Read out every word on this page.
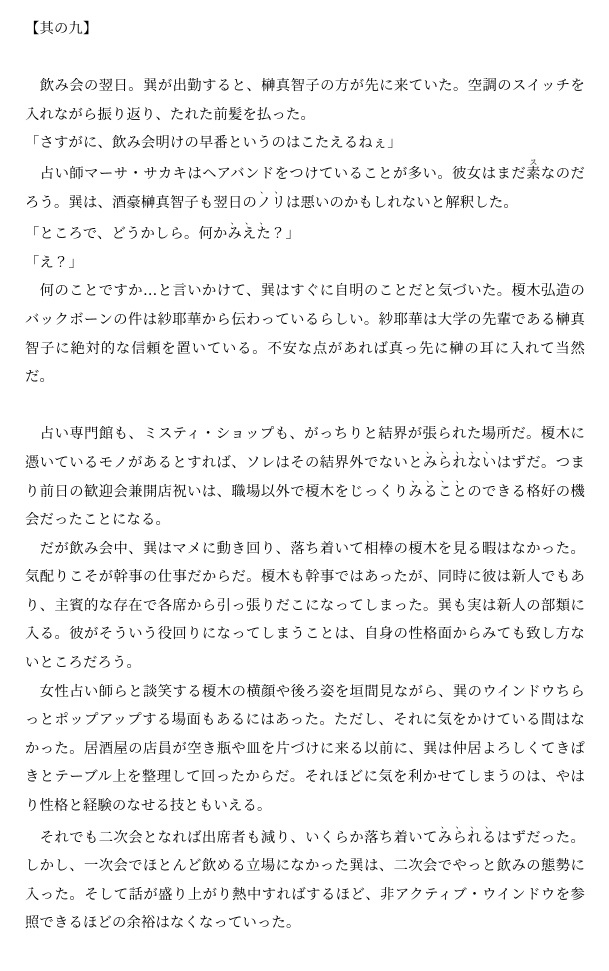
【其の九】

　飲み会の翌日。巽が出勤すると、榊真智子の方が先に来ていた。空調のスイッチを入れながら振り返り、たれた前髪を払った。

「さすがに、飲み会明けの早番というのはこたえるねぇ」

　占い師マーサ・サカキはヘアバンドをつけていることが多い。彼女はまだ素スなのだろう。巽は、酒豪榊真智子も翌日のノ、リ、は悪いのかもしれないと解釈した。

「ところで、どうかしら。何かみ、え、た、？」

「え？」

　何のことですか…と言いかけて、巽はすぐに自明のことだと気づいた。榎木弘造のバックボーンの件は紗耶華から伝わっているらしい。紗耶華は大学の先輩である榊真智子に絶対的な信頼を置いている。不安な点があれば真っ先に榊の耳に入れて当然だ。

　占い専門館も、ミスティ・ショップも、がっちりと結界が張られた場所だ。榎木に憑いているモノがあるとすれば、ソレはその結界外でないとみ、ら、れ、な、い、はずだ。つまり前日の歓迎会兼開店祝いは、職場以外で榎木をじっくりみ、る、こ、と、のできる格好の機会だったことになる。

　だが飲み会中、巽はマメに動き回り、落ち着いて相棒の榎木を見る暇はなかった。気配りこそが幹事の仕事だからだ。榎木も幹事ではあったが、同時に彼は新人でもあり、主賓的な存在で各席から引っ張りだこになってしまった。巽も実は新人の部類に入る。彼がそういう役回りになってしまうことは、自身の性格面からみても致し方ないところだろう。

　女性占い師らと談笑する榎木の横顔や後ろ姿を垣間見ながら、巽のウインドウちらっとポップアップする場面もあるにはあった。ただし、それに気をかけている間はなかった。居酒屋の店員が空き瓶や皿を片づけに来る以前に、巽は仲居よろしくてきぱきとテーブル上を整理して回ったからだ。それほどに気を利かせてしまうのは、やはり性格と経験のなせる技ともいえる。

　それでも二次会となれば出席者も減り、いくらか落ち着いてみ、ら、れ、る、はずだった。しかし、一次会でほとんど飲める立場になかった巽は、二次会でやっと飲みの態勢に入った。そして話が盛り上がり熱中すればするほど、非アクティブ・ウインドウを参照できるほどの余裕はなくなっていった。
